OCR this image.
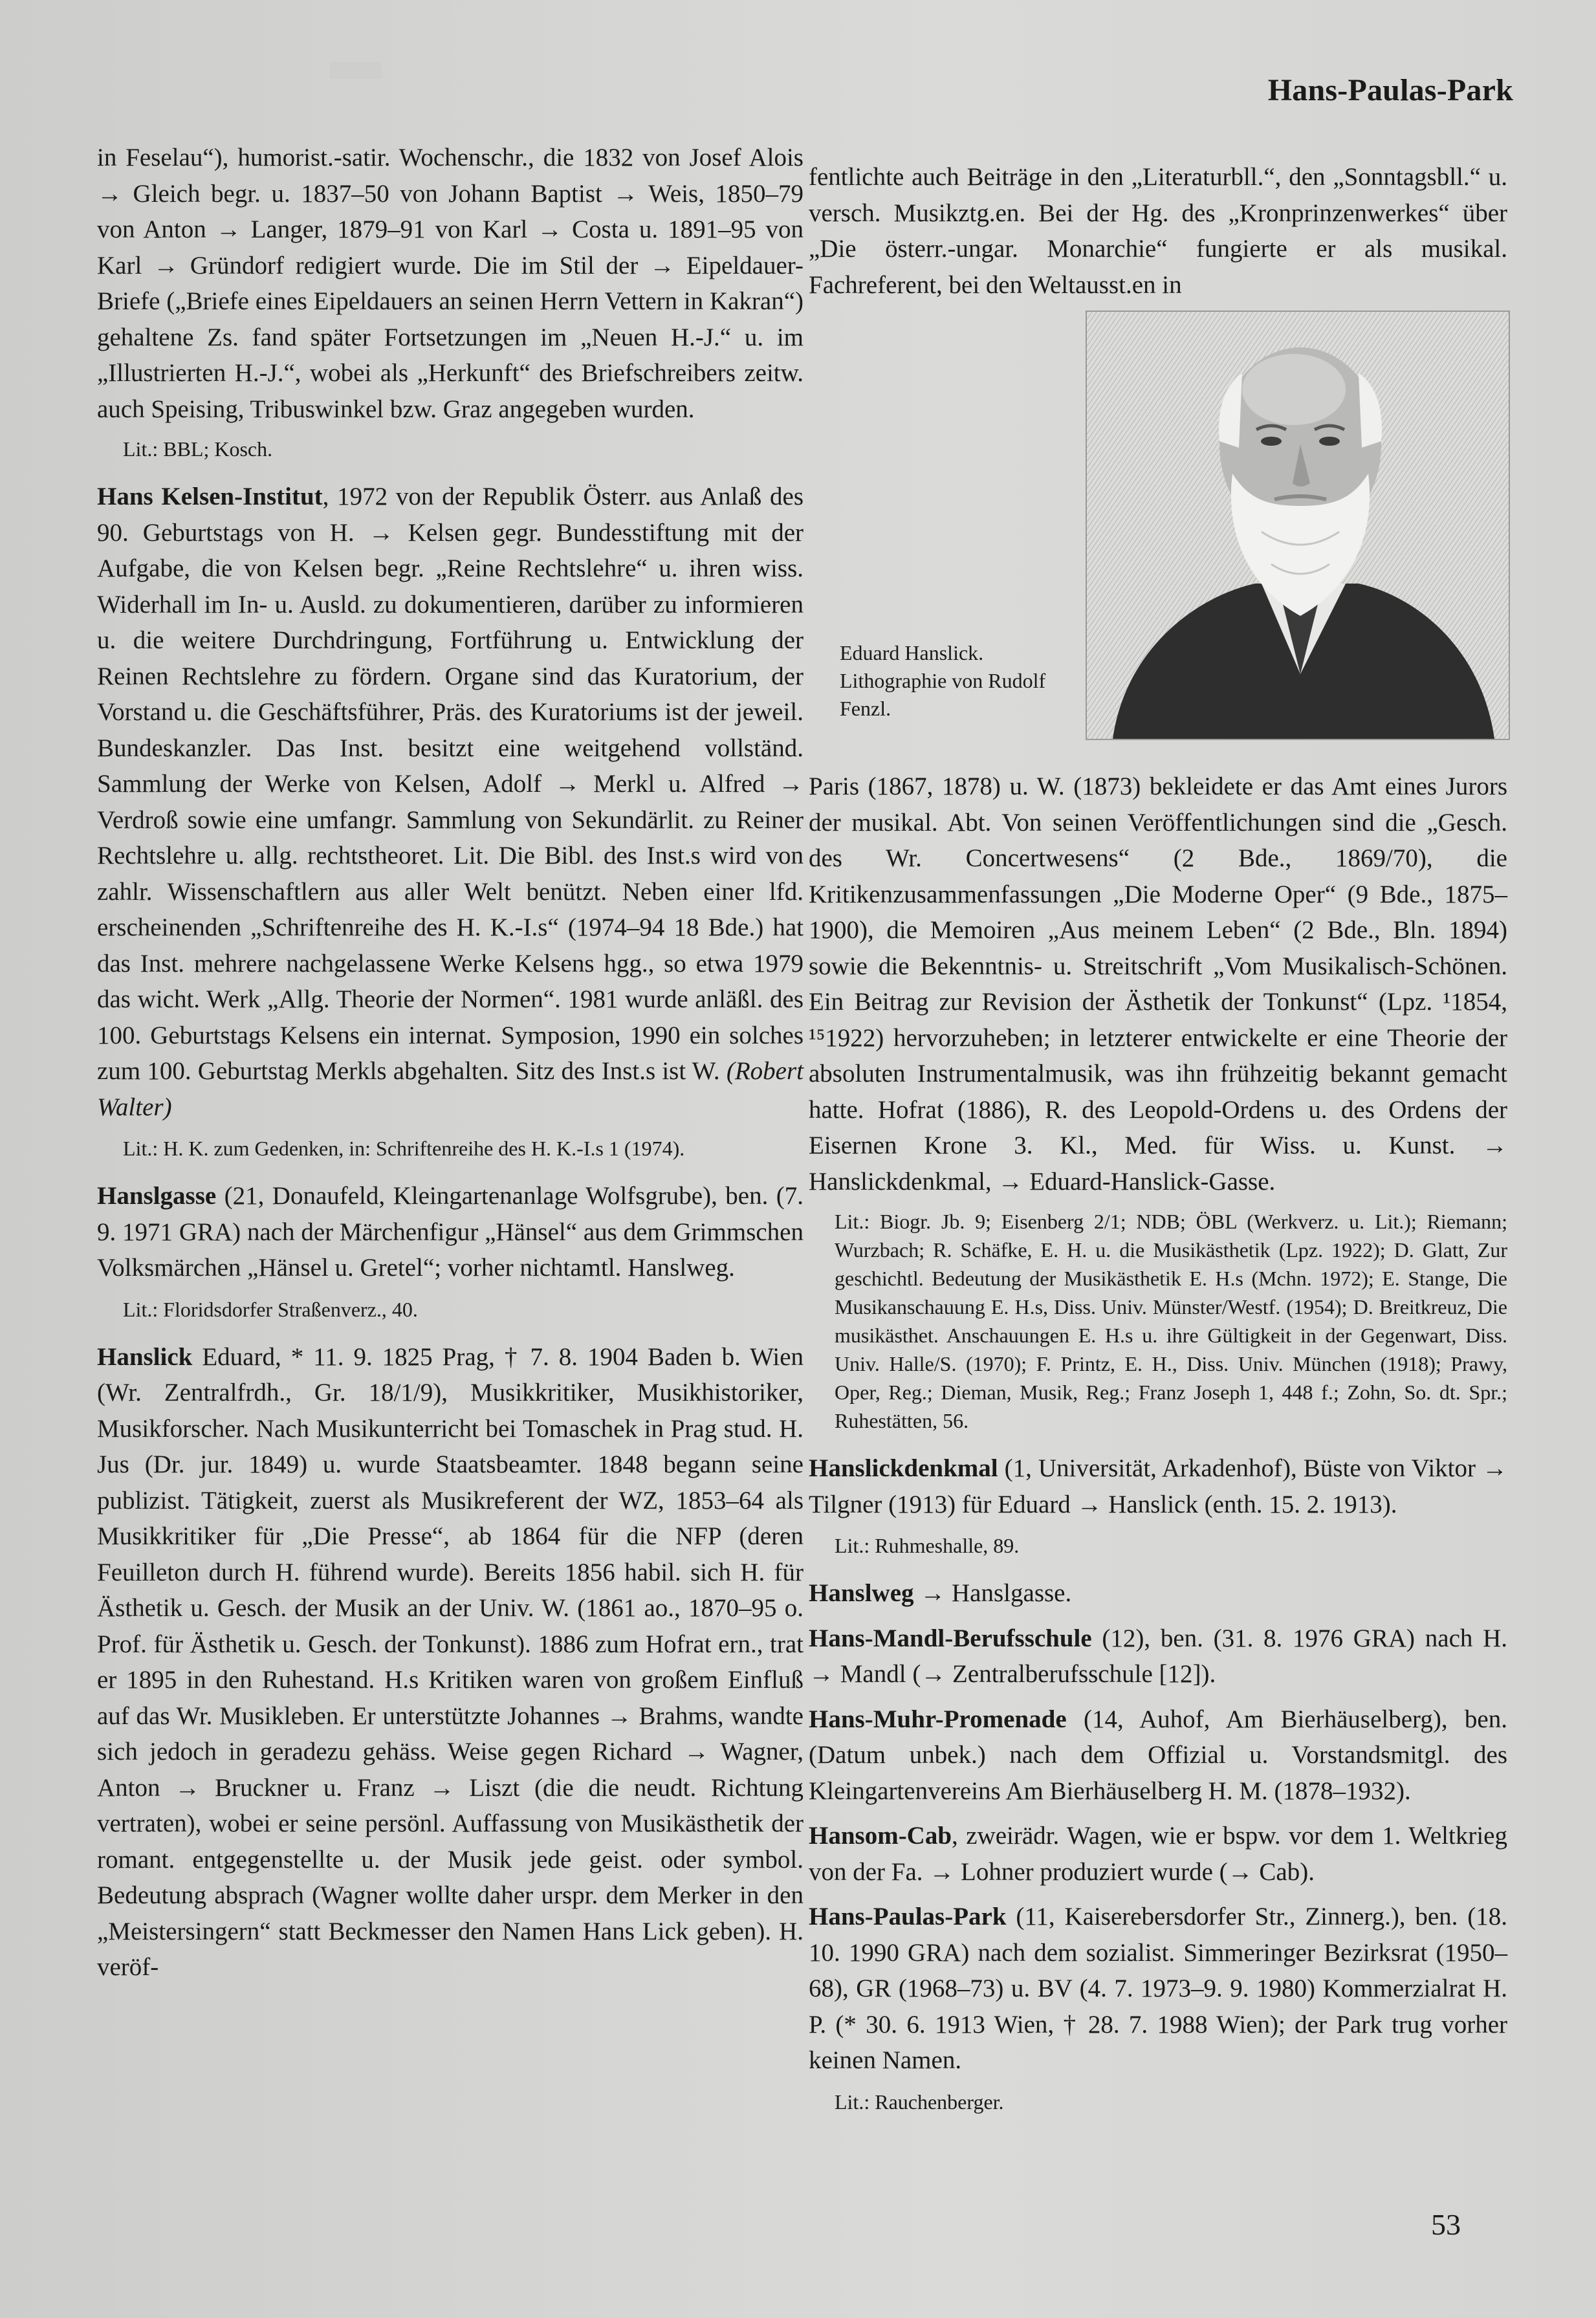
Hans-Paulas-Park

in Feselau“), humorist.-satir. Wochenschr., die 1832 von Josef Alois → Gleich begr. u. 1837–50 von Johann Baptist → Weis, 1850–79 von Anton → Langer, 1879–91 von Karl → Costa u. 1891–95 von Karl → Gründorf redigiert wurde. Die im Stil der → Eipeldauer-Briefe („Briefe eines Eipeldauers an seinen Herrn Vettern in Kakran“) gehaltene Zs. fand später Fortsetzungen im „Neuen H.-J.“ u. im „Illustrierten H.-J.“, wobei als „Herkunft“ des Briefschreibers zeitw. auch Speising, Tribuswinkel bzw. Graz angegeben wurden.

Lit.: BBL; Kosch.

Hans Kelsen-Institut, 1972 von der Republik Österr. aus Anlaß des 90. Geburtstags von H. → Kelsen gegr. Bundesstiftung mit der Aufgabe, die von Kelsen begr. „Reine Rechtslehre“ u. ihren wiss. Widerhall im In- u. Ausld. zu dokumentieren, darüber zu informieren u. die weitere Durchdringung, Fortführung u. Entwicklung der Reinen Rechtslehre zu fördern. Organe sind das Kuratorium, der Vorstand u. die Geschäftsführer, Präs. des Kuratoriums ist der jeweil. Bundeskanzler. Das Inst. besitzt eine weitgehend vollständ. Sammlung der Werke von Kelsen, Adolf → Merkl u. Alfred → Verdroß sowie eine umfangr. Sammlung von Sekundärlit. zu Reiner Rechtslehre u. allg. rechtstheoret. Lit. Die Bibl. des Inst.s wird von zahlr. Wissenschaftlern aus aller Welt benützt. Neben einer lfd. erscheinenden „Schriftenreihe des H. K.-I.s“ (1974–94 18 Bde.) hat das Inst. mehrere nachgelassene Werke Kelsens hgg., so etwa 1979 das wicht. Werk „Allg. Theorie der Normen“. 1981 wurde anläßl. des 100. Geburtstags Kelsens ein internat. Symposion, 1990 ein solches zum 100. Geburtstag Merkls abgehalten. Sitz des Inst.s ist W. (Robert Walter)

Lit.: H. K. zum Gedenken, in: Schriftenreihe des H. K.-I.s 1 (1974).

Hanslgasse (21, Donaufeld, Kleingartenanlage Wolfsgrube), ben. (7. 9. 1971 GRA) nach der Märchenfigur „Hänsel“ aus dem Grimmschen Volksmärchen „Hänsel u. Gretel“; vorher nichtamtl. Hanslweg.

Lit.: Floridsdorfer Straßenverz., 40.

Hanslick Eduard, * 11. 9. 1825 Prag, † 7. 8. 1904 Baden b. Wien (Wr. Zentralfrdh., Gr. 18/1/9), Musikkritiker, Musikhistoriker, Musikforscher. Nach Musikunterricht bei Tomaschek in Prag stud. H. Jus (Dr. jur. 1849) u. wurde Staatsbeamter. 1848 begann seine publizist. Tätigkeit, zuerst als Musikreferent der WZ, 1853–64 als Musikkritiker für „Die Presse“, ab 1864 für die NFP (deren Feuilleton durch H. führend wurde). Bereits 1856 habil. sich H. für Ästhetik u. Gesch. der Musik an der Univ. W. (1861 ao., 1870–95 o. Prof. für Ästhetik u. Gesch. der Tonkunst). 1886 zum Hofrat ern., trat er 1895 in den Ruhestand. H.s Kritiken waren von großem Einfluß auf das Wr. Musikleben. Er unterstützte Johannes → Brahms, wandte sich jedoch in geradezu gehäss. Weise gegen Richard → Wagner, Anton → Bruckner u. Franz → Liszt (die die neudt. Richtung vertraten), wobei er seine persönl. Auffassung von Musikästhetik der romant. entgegenstellte u. der Musik jede geist. oder symbol. Bedeutung absprach (Wagner wollte daher urspr. dem Merker in den „Meistersingern“ statt Beckmesser den Namen Hans Lick geben). H. veröf-

fentlichte auch Beiträge in den „Literaturbll.“, den „Sonntagsbll.“ u. versch. Musikztg.en. Bei der Hg. des „Kronprinzenwerkes“ über „Die österr.-ungar. Monarchie“ fungierte er als musikal. Fachreferent, bei den Weltausst.en in

Eduard Hanslick. Lithographie von Rudolf Fenzl.

Paris (1867, 1878) u. W. (1873) bekleidete er das Amt eines Jurors der musikal. Abt. Von seinen Veröffentlichungen sind die „Gesch. des Wr. Concertwesens“ (2 Bde., 1869/70), die Kritikenzusammenfassungen „Die Moderne Oper“ (9 Bde., 1875–1900), die Memoiren „Aus meinem Leben“ (2 Bde., Bln. 1894) sowie die Bekenntnis- u. Streitschrift „Vom Musikalisch-Schönen. Ein Beitrag zur Revision der Ästhetik der Tonkunst“ (Lpz. ¹1854, ¹⁵1922) hervorzuheben; in letzterer entwickelte er eine Theorie der absoluten Instrumentalmusik, was ihn frühzeitig bekannt gemacht hatte. Hofrat (1886), R. des Leopold-Ordens u. des Ordens der Eisernen Krone 3. Kl., Med. für Wiss. u. Kunst. → Hanslickdenkmal, → Eduard-Hanslick-Gasse.

Lit.: Biogr. Jb. 9; Eisenberg 2/1; NDB; ÖBL (Werkverz. u. Lit.); Riemann; Wurzbach; R. Schäfke, E. H. u. die Musikästhetik (Lpz. 1922); D. Glatt, Zur geschichtl. Bedeutung der Musikästhetik E. H.s (Mchn. 1972); E. Stange, Die Musikanschauung E. H.s, Diss. Univ. Münster/Westf. (1954); D. Breitkreuz, Die musikästhet. Anschauungen E. H.s u. ihre Gültigkeit in der Gegenwart, Diss. Univ. Halle/S. (1970); F. Printz, E. H., Diss. Univ. München (1918); Prawy, Oper, Reg.; Dieman, Musik, Reg.; Franz Joseph 1, 448 f.; Zohn, So. dt. Spr.; Ruhestätten, 56.

Hanslickdenkmal (1, Universität, Arkadenhof), Büste von Viktor → Tilgner (1913) für Eduard → Hanslick (enth. 15. 2. 1913).

Lit.: Ruhmeshalle, 89.

Hanslweg → Hanslgasse.

Hans-Mandl-Berufsschule (12), ben. (31. 8. 1976 GRA) nach H. → Mandl (→ Zentralberufsschule [12]).

Hans-Muhr-Promenade (14, Auhof, Am Bierhäuselberg), ben. (Datum unbek.) nach dem Offizial u. Vorstandsmitgl. des Kleingartenvereins Am Bierhäuselberg H. M. (1878–1932).

Hansom-Cab, zweirädr. Wagen, wie er bspw. vor dem 1. Weltkrieg von der Fa. → Lohner produziert wurde (→ Cab).

Hans-Paulas-Park (11, Kaiserebersdorfer Str., Zinnerg.), ben. (18. 10. 1990 GRA) nach dem sozialist. Simmeringer Bezirksrat (1950–68), GR (1968–73) u. BV (4. 7. 1973–9. 9. 1980) Kommerzialrat H. P. (* 30. 6. 1913 Wien, † 28. 7. 1988 Wien); der Park trug vorher keinen Namen.

Lit.: Rauchenberger.

53
